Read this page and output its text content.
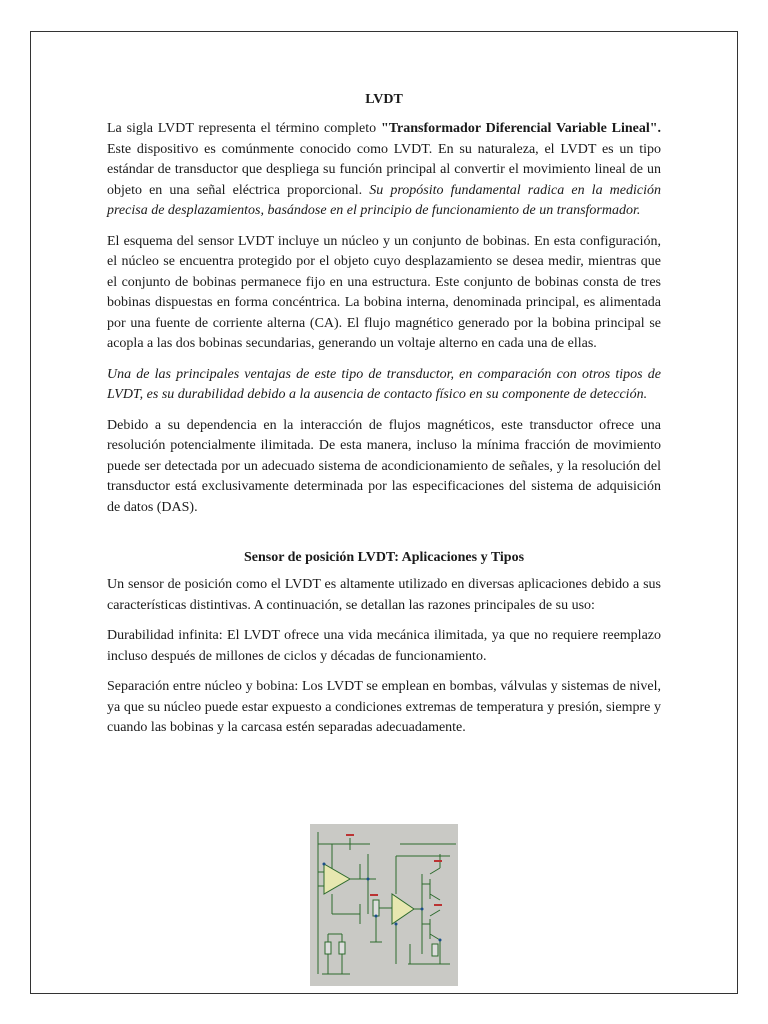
LVDT

La sigla LVDT representa el término completo "Transformador Diferencial Variable Lineal". Este dispositivo es comúnmente conocido como LVDT. En su naturaleza, el LVDT es un tipo estándar de transductor que despliega su función principal al convertir el movimiento lineal de un objeto en una señal eléctrica proporcional. Su propósito fundamental radica en la medición precisa de desplazamientos, basándose en el principio de funcionamiento de un transformador.

El esquema del sensor LVDT incluye un núcleo y un conjunto de bobinas. En esta configuración, el núcleo se encuentra protegido por el objeto cuyo desplazamiento se desea medir, mientras que el conjunto de bobinas permanece fijo en una estructura. Este conjunto de bobinas consta de tres bobinas dispuestas en forma concéntrica. La bobina interna, denominada principal, es alimentada por una fuente de corriente alterna (CA). El flujo magnético generado por la bobina principal se acopla a las dos bobinas secundarias, generando un voltaje alterno en cada una de ellas.

Una de las principales ventajas de este tipo de transductor, en comparación con otros tipos de LVDT, es su durabilidad debido a la ausencia de contacto físico en su componente de detección.

Debido a su dependencia en la interacción de flujos magnéticos, este transductor ofrece una resolución potencialmente ilimitada. De esta manera, incluso la mínima fracción de movimiento puede ser detectada por un adecuado sistema de acondicionamiento de señales, y la resolución del transductor está exclusivamente determinada por las especificaciones del sistema de adquisición de datos (DAS).

Sensor de posición LVDT: Aplicaciones y Tipos

Un sensor de posición como el LVDT es altamente utilizado en diversas aplicaciones debido a sus características distintivas. A continuación, se detallan las razones principales de su uso:

Durabilidad infinita: El LVDT ofrece una vida mecánica ilimitada, ya que no requiere reemplazo incluso después de millones de ciclos y décadas de funcionamiento.

Separación entre núcleo y bobina: Los LVDT se emplean en bombas, válvulas y sistemas de nivel, ya que su núcleo puede estar expuesto a condiciones extremas de temperatura y presión, siempre y cuando las bobinas y la carcasa estén separadas adecuadamente.
